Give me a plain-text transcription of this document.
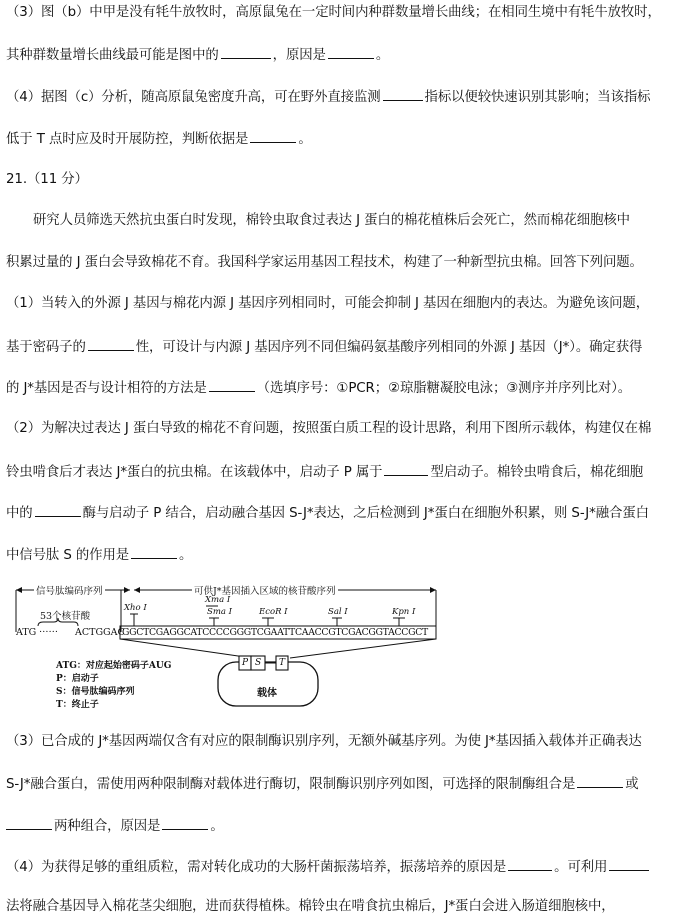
（3）图（b）中甲是没有牦牛放牧时，高原鼠兔在一定时间内种群数量增长曲线；在相同生境中有牦牛放牧时，
其种群数量增长曲线最可能是图中的	，原因是	。
（4）据图（c）分析，随高原鼠兔密度升高，可在野外直接监测	指标以便较快速识别其影响；当该指标
低于 T 点时应及时开展防控，判断依据是	。
21.（11 分）
研究人员筛选天然抗虫蛋白时发现，棉铃虫取食过表达 J 蛋白的棉花植株后会死亡，然而棉花细胞核中
积累过量的 J 蛋白会导致棉花不育。我国科学家运用基因工程技术，构建了一种新型抗虫棉。回答下列问题。
（1）当转入的外源 J 基因与棉花内源 J 基因序列相同时，可能会抑制 J 基因在细胞内的表达。为避免该问题，
基于密码子的	性，可设计与内源 J 基因序列不同但编码氨基酸序列相同的外源 J 基因（J*）。确定获得
的 J*基因是否与设计相符的方法是	（选填序号：①PCR；②琼脂糖凝胶电泳；③测序并序列比对）。
（2）为解决过表达 J 蛋白导致的棉花不育问题，按照蛋白质工程的设计思路，利用下图所示载体，构建仅在棉
铃虫啃食后才表达 J*蛋白的抗虫棉。在该载体中，启动子 P 属于	型启动子。棉铃虫啃食后，棉花细胞
中的	酶与启动子 P 结合，启动融合基因 S-J*表达，之后检测到 J*蛋白在细胞外积累，则 S-J*融合蛋白
中信号肽 S 的作用是	。
信号肽编码序列	可供J*基因插入区域的核苷酸序列
53个核苷酸
ATG …… ACTGGAC
GGCTCGAGGCATCCCCGGGTCGAATTCAACCGTCGACGGTACCGCT
Xma I
Xho I	Sma I	EcoR I	Sal I	Kpn I
P S T
载体
ATG：对应起始密码子AUG
P：启动子
S：信号肽编码序列
T：终止子
（3）已合成的 J*基因两端仅含有对应的限制酶识别序列，无额外碱基序列。为使 J*基因插入载体并正确表达
S-J*融合蛋白，需使用两种限制酶对载体进行酶切，限制酶识别序列如图，可选择的限制酶组合是	或
两种组合，原因是	。
（4）为获得足够的重组质粒，需对转化成功的大肠杆菌振荡培养，振荡培养的原因是	。可利用
法将融合基因导入棉花茎尖细胞，进而获得植株。棉铃虫在啃食抗虫棉后，J*蛋白会进入肠道细胞核中，
